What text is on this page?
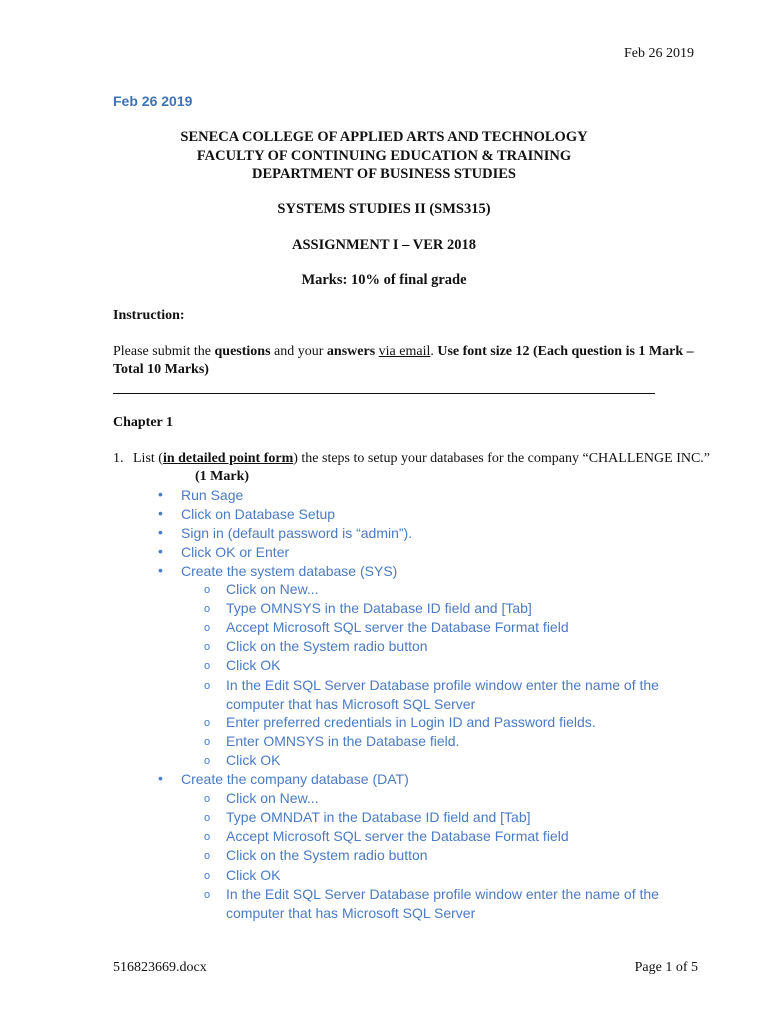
Feb 26 2019
Feb 26 2019
SENECA COLLEGE OF APPLIED ARTS AND TECHNOLOGY
FACULTY OF CONTINUING EDUCATION & TRAINING
DEPARTMENT OF BUSINESS STUDIES
SYSTEMS STUDIES II (SMS315)
ASSIGNMENT I – VER 2018
Marks: 10% of final grade
Instruction:
Please submit the questions and your answers via email. Use font size 12 (Each question is 1 Mark – Total 10 Marks)
Chapter 1
1. List (in detailed point form) the steps to setup your databases for the company “CHALLENGE INC.”(1 Mark)
• Run Sage
• Click on Database Setup
• Sign in (default password is “admin”).
• Click OK or Enter
• Create the system database (SYS)
o Click on New...
o Type OMNSYS in the Database ID field and [Tab]
o Accept Microsoft SQL server the Database Format field
o Click on the System radio button
o Click OK
o In the Edit SQL Server Database profile window enter the name of the computer that has Microsoft SQL Server
o Enter preferred credentials in Login ID and Password fields.
o Enter OMNSYS in the Database field.
o Click OK
• Create the company database (DAT)
o Click on New...
o Type OMNDAT in the Database ID field and [Tab]
o Accept Microsoft SQL server the Database Format field
o Click on the System radio button
o Click OK
o In the Edit SQL Server Database profile window enter the name of the computer that has Microsoft SQL Server
516823669.docx	Page 1 of 5
